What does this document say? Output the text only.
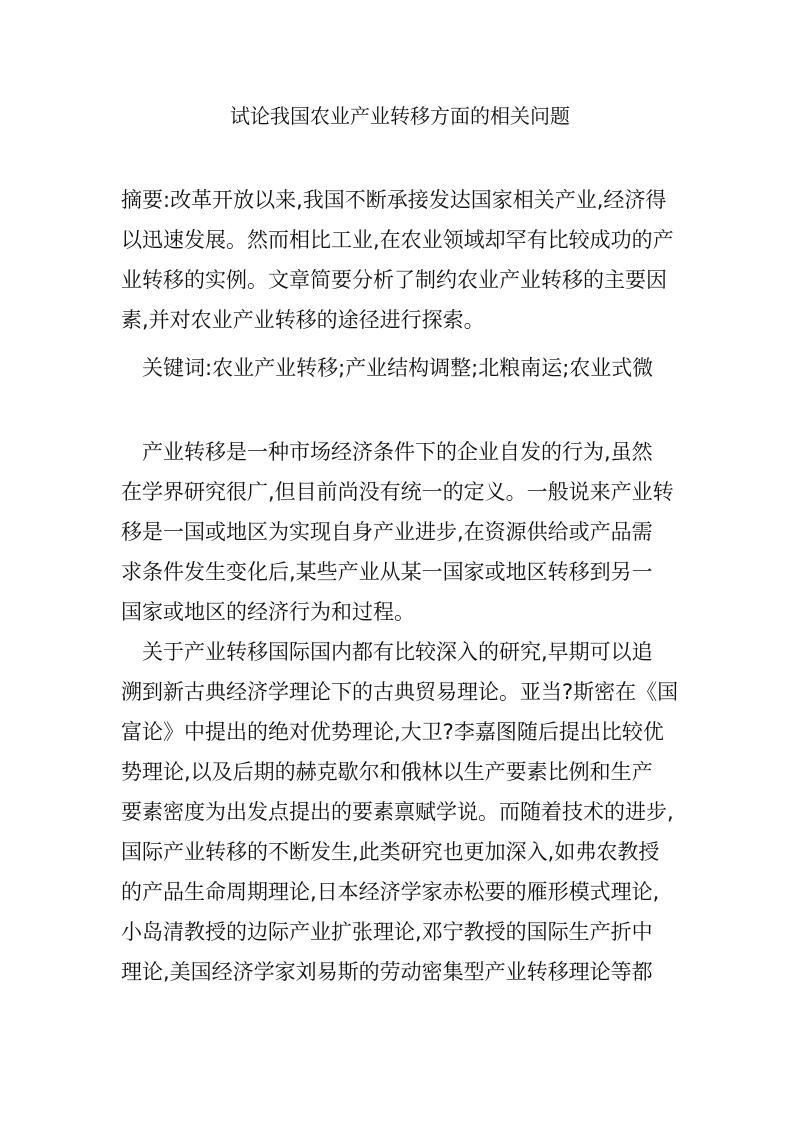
试论我国农业产业转移方面的相关问题
摘要:改革开放以来,我国不断承接发达国家相关产业,经济得
以迅速发展。然而相比工业,在农业领域却罕有比较成功的产
业转移的实例。文章简要分析了制约农业产业转移的主要因
素,并对农业产业转移的途径进行探索。
关键词:农业产业转移;产业结构调整;北粮南运;农业式微
产业转移是一种市场经济条件下的企业自发的行为,虽然
在学界研究很广,但目前尚没有统一的定义。一般说来产业转
移是一国或地区为实现自身产业进步,在资源供给或产品需
求条件发生变化后,某些产业从某一国家或地区转移到另一
国家或地区的经济行为和过程。
关于产业转移国际国内都有比较深入的研究,早期可以追
溯到新古典经济学理论下的古典贸易理论。亚当?斯密在《国
富论》中提出的绝对优势理论,大卫?李嘉图随后提出比较优
势理论,以及后期的赫克歇尔和俄林以生产要素比例和生产
要素密度为出发点提出的要素禀赋学说。而随着技术的进步,
国际产业转移的不断发生,此类研究也更加深入,如弗农教授
的产品生命周期理论,日本经济学家赤松要的雁形模式理论,
小岛清教授的边际产业扩张理论,邓宁教授的国际生产折中
理论,美国经济学家刘易斯的劳动密集型产业转移理论等都
